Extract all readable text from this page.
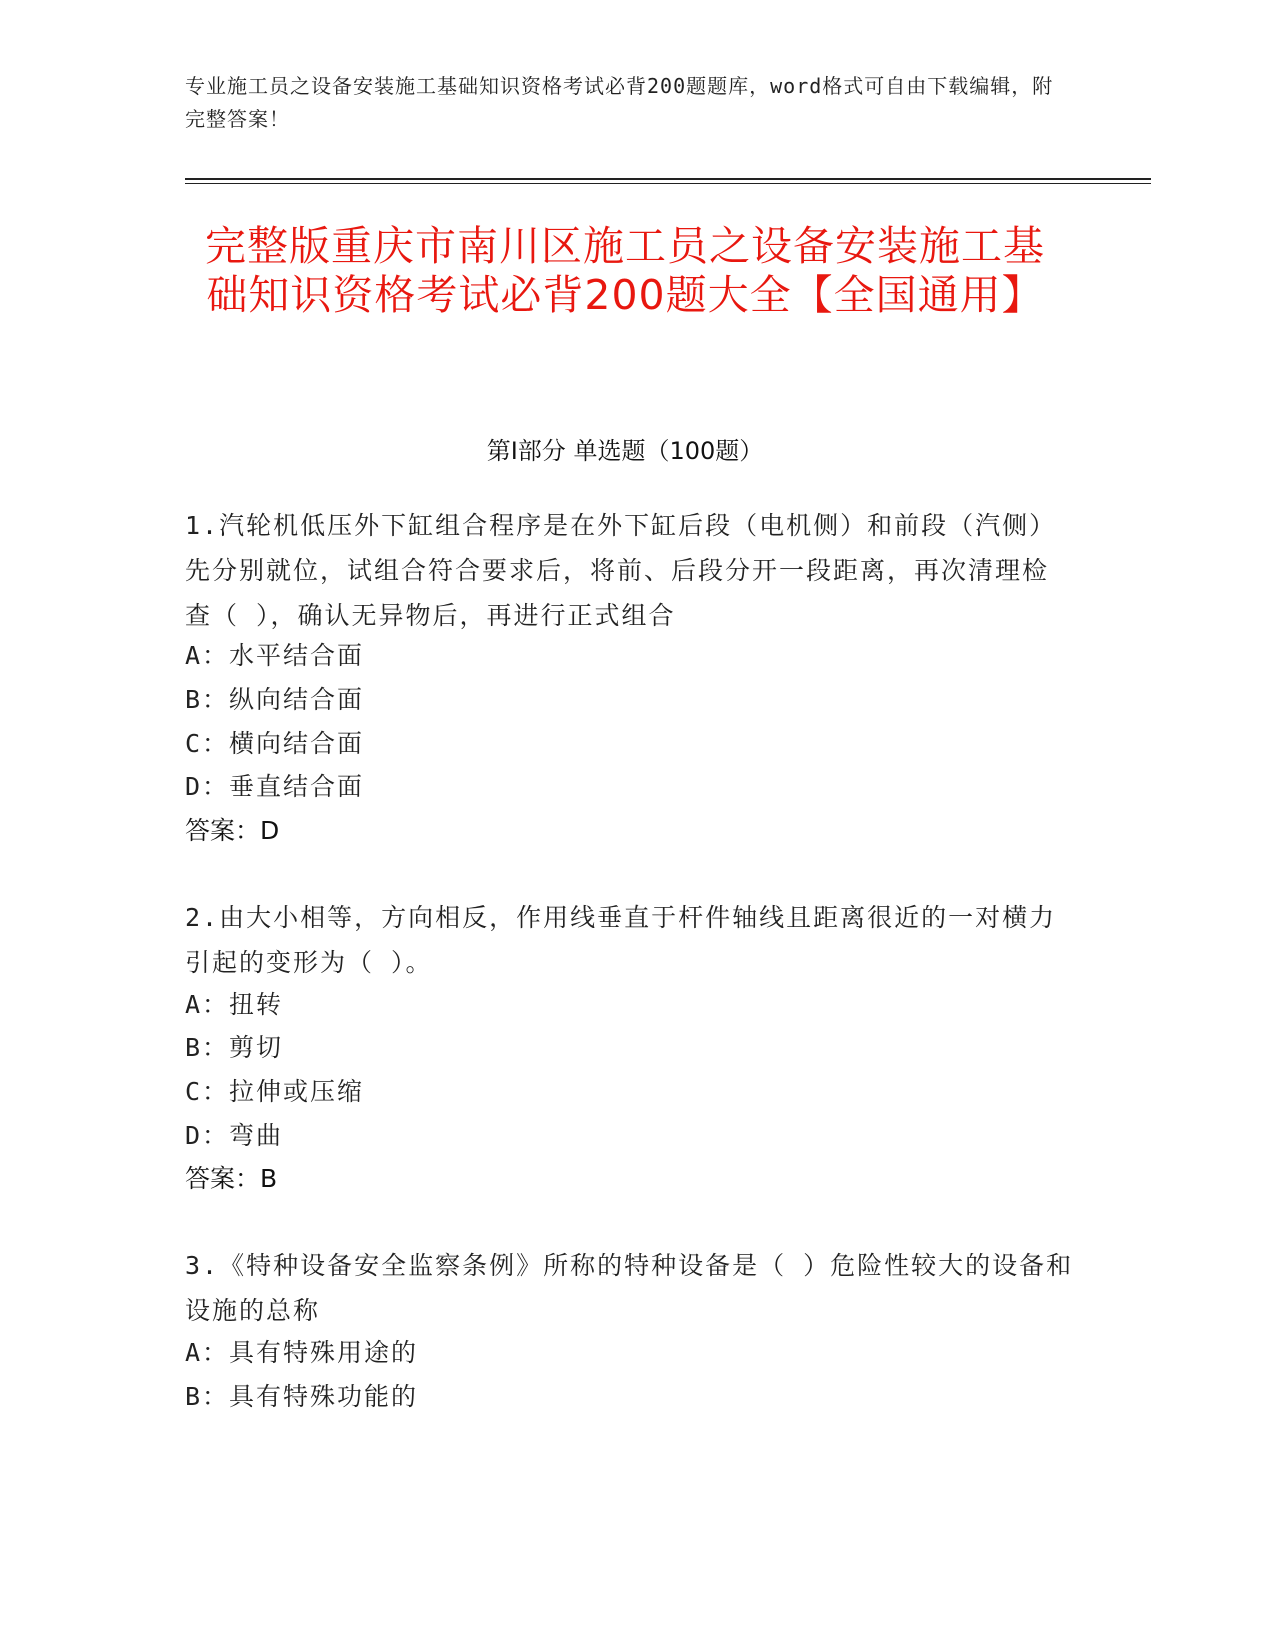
专业施工员之设备安装施工基础知识资格考试必背200题题库，word格式可自由下载编辑，附完整答案！
完整版重庆市南川区施工员之设备安装施工基础知识资格考试必背200题大全【全国通用】
第Ⅰ部分 单选题（100题）
1.汽轮机低压外下缸组合程序是在外下缸后段（电机侧）和前段（汽侧）先分别就位，试组合符合要求后，将前、后段分开一段距离，再次清理检查（ ），确认无异物后，再进行正式组合
A：水平结合面
B：纵向结合面
C：横向结合面
D：垂直结合面
答案：D
2.由大小相等，方向相反，作用线垂直于杆件轴线且距离很近的一对横力引起的变形为（ ）。
A：扭转
B：剪切
C：拉伸或压缩
D：弯曲
答案：B
3.《特种设备安全监察条例》所称的特种设备是（ ）危险性较大的设备和设施的总称
A：具有特殊用途的
B：具有特殊功能的
